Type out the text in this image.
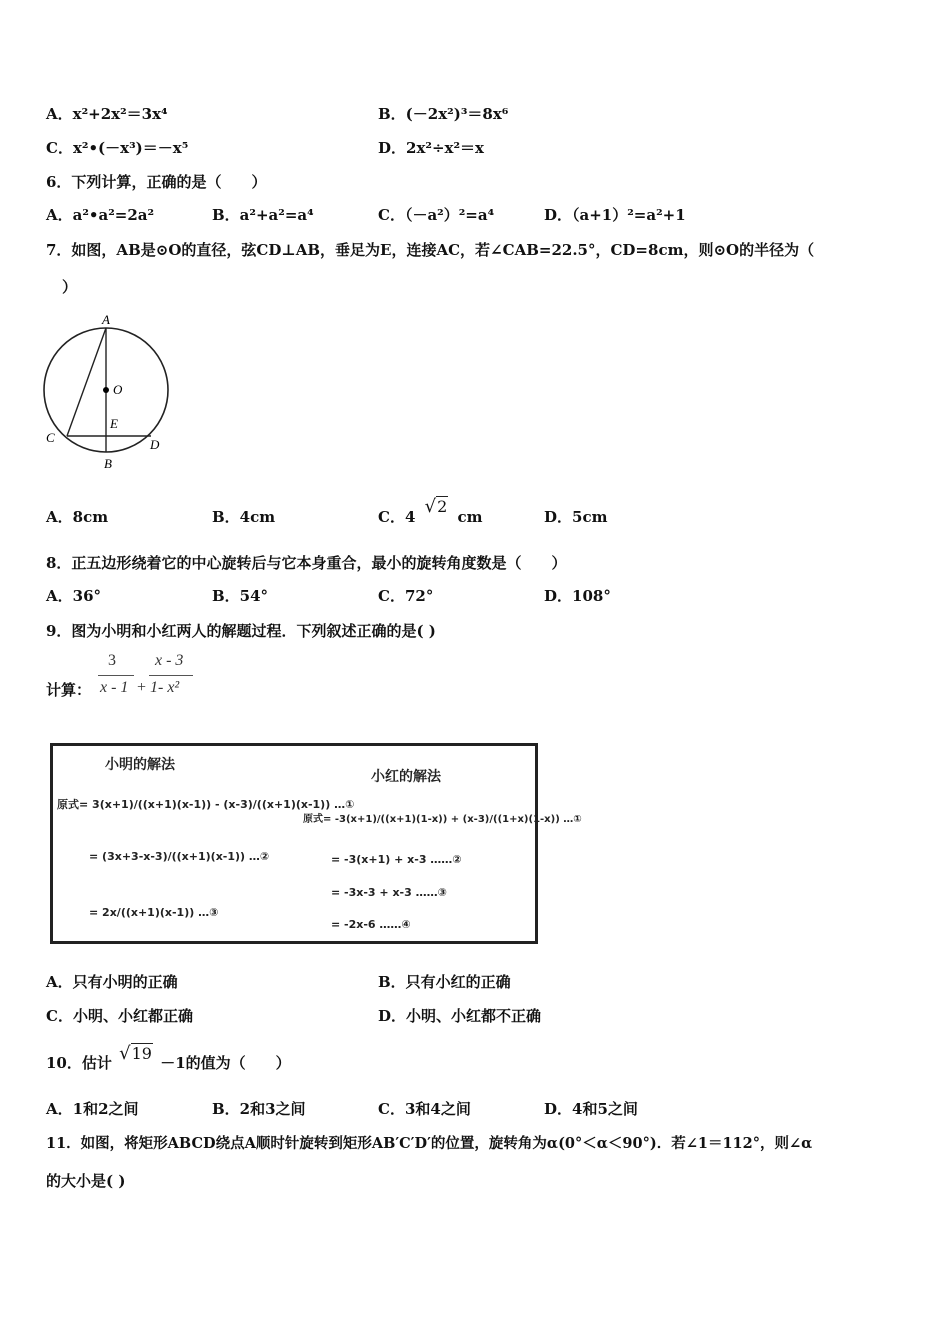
A．x²+2x²＝3x⁴	B．(－2x²)³＝8x⁶
C．x²•(－x³)＝－x⁵	D．2x²÷x²＝x
6．下列计算，正确的是（　　）
A．a²•a²=2a²	B．a²+a²=a⁴	C．（－a²）²=a⁴	D．（a+1）²=a²+1
7．如图，AB是⊙O的直径，弦CD⊥AB，垂足为E，连接AC，若∠CAB=22.5°，CD=8cm，则⊙O的半径为（
）
A
O
E
C	D
B
A．8cm	B．4cm	C．4 √2 cm	D．5cm
8．正五边形绕着它的中心旋转后与它本身重合，最小的旋转角度数是（　　）
A．36°	B．54°	C．72°	D．108°
9．图为小明和小红两人的解题过程．下列叙述正确的是( )
计算：
3
x - 1 +
x - 3
1- x²
小明的解法
原式= 3(x+1)/((x+1)(x-1)) - (x-3)/((x+1)(x-1)) …①
= (3x+3-x-3)/((x+1)(x-1)) …②
= 2x/((x+1)(x-1)) …③
小红的解法
原式= -3(x+1)/((x+1)(1-x)) + (x-3)/((1+x)(1-x)) …①
= -3(x+1) + x-3 ……②
= -3x-3 + x-3 ……③
= -2x-6 ……④
A．只有小明的正确	B．只有小红的正确
C．小明、小红都正确	D．小明、小红都不正确
10．估计 √19 －1的值为（　　）
A．1和2之间	B．2和3之间	C．3和4之间	D．4和5之间
11．如图，将矩形ABCD绕点A顺时针旋转到矩形AB′C′D′的位置，旋转角为α(0°＜α＜90°)．若∠1＝112°，则∠α
的大小是( )
